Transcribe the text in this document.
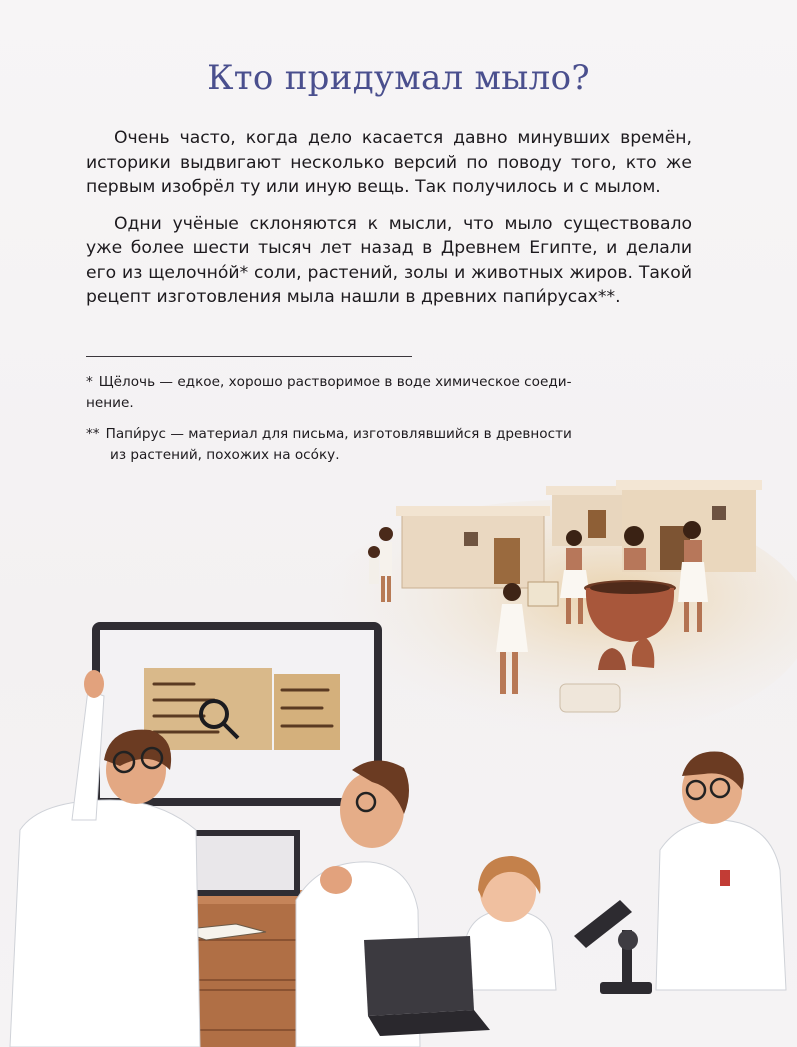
Кто придумал мыло?

Очень часто, когда дело касается давно минувших времён, историки выдвигают несколько версий по поводу того, кто же первым изобрёл ту или иную вещь. Так получилось и с мылом.

Одни учёные склоняются к мысли, что мыло существовало уже более шести тысяч лет назад в Древнем Египте, и делали его из щелочно́й* соли, растений, золы и животных жиров. Такой рецепт изготовления мыла нашли в древних папи́русах**.

* Щёлочь — едкое, хорошо растворимое в воде химическое соеди-
нение.
** Папи́рус — материал для письма, изготовлявшийся в древности
из растений, похожих на осо́ку.
